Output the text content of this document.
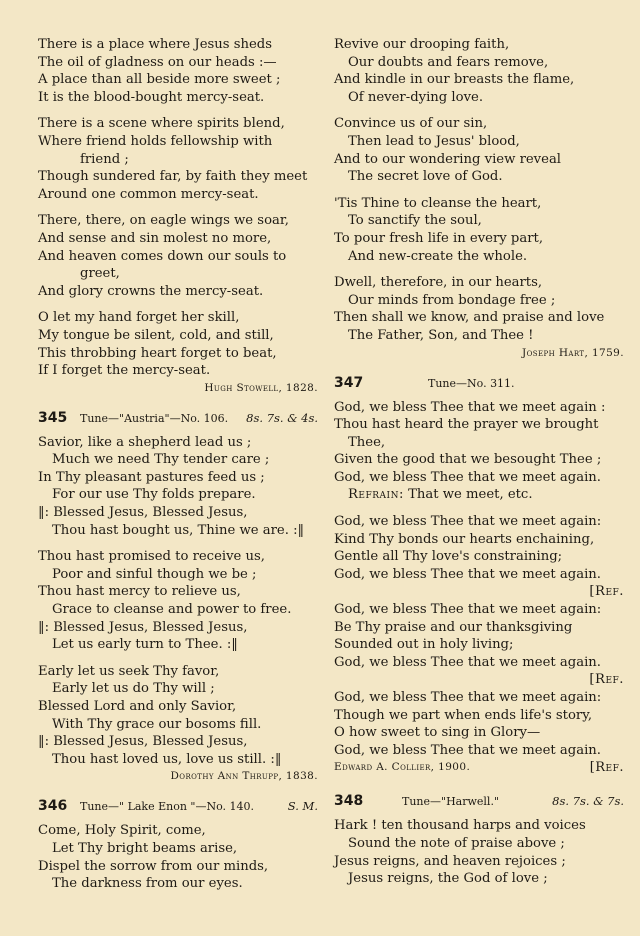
There is a place where Jesus sheds
The oil of gladness on our heads :—
A place than all beside more sweet ;
It is the blood-bought mercy-seat.
There is a scene where spirits blend,
Where friend holds fellowship with
friend ;
Though sundered far, by faith they meet
Around one common mercy-seat.
There, there, on eagle wings we soar,
And sense and sin molest no more,
And heaven comes down our souls to
greet,
And glory crowns the mercy-seat.
O let my hand forget her skill,
My tongue be silent, cold, and still,
This throbbing heart forget to beat,
If I forget the mercy-seat.
Hugh Stowell, 1828.
345	Tune—"Austria"—No. 106.	8s. 7s. & 4s.
Savior, like a shepherd lead us ;
Much we need Thy tender care ;
In Thy pleasant pastures feed us ;
For our use Thy folds prepare.
‖: Blessed Jesus, Blessed Jesus,
Thou hast bought us, Thine we are. :‖
Thou hast promised to receive us,
Poor and sinful though we be ;
Thou hast mercy to relieve us,
Grace to cleanse and power to free.
‖: Blessed Jesus, Blessed Jesus,
Let us early turn to Thee. :‖
Early let us seek Thy favor,
Early let us do Thy will ;
Blessed Lord and only Savior,
With Thy grace our bosoms fill.
‖: Blessed Jesus, Blessed Jesus,
Thou hast loved us, love us still. :‖
Dorothy Ann Thrupp, 1838.
346	Tune—" Lake Enon "—No. 140.	S. M.
Come, Holy Spirit, come,
Let Thy bright beams arise,
Dispel the sorrow from our minds,
The darkness from our eyes.
Revive our drooping faith,
Our doubts and fears remove,
And kindle in our breasts the flame,
Of never-dying love.
Convince us of our sin,
Then lead to Jesus' blood,
And to our wondering view reveal
The secret love of God.
'Tis Thine to cleanse the heart,
To sanctify the soul,
To pour fresh life in every part,
And new-create the whole.
Dwell, therefore, in our hearts,
Our minds from bondage free ;
Then shall we know, and praise and love
The Father, Son, and Thee !
Joseph Hart, 1759.
347	Tune—No. 311.
God, we bless Thee that we meet again :
Thou hast heard the prayer we brought
Thee,
Given the good that we besought Thee ;
God, we bless Thee that we meet again.
Refrain: That we meet, etc.
God, we bless Thee that we meet again:
Kind Thy bonds our hearts enchaining,
Gentle all Thy love's constraining;
God, we bless Thee that we meet again.
[Ref.
God, we bless Thee that we meet again:
Be Thy praise and our thanksgiving
Sounded out in holy living;
God, we bless Thee that we meet again.
[Ref.
God, we bless Thee that we meet again:
Though we part when ends life's story,
O how sweet to sing in Glory—
God, we bless Thee that we meet again.
Edward A. Collier, 1900.	[Ref.
348	Tune—"Harwell."	8s. 7s. & 7s.
Hark ! ten thousand harps and voices
Sound the note of praise above ;
Jesus reigns, and heaven rejoices ;
Jesus reigns, the God of love ;
